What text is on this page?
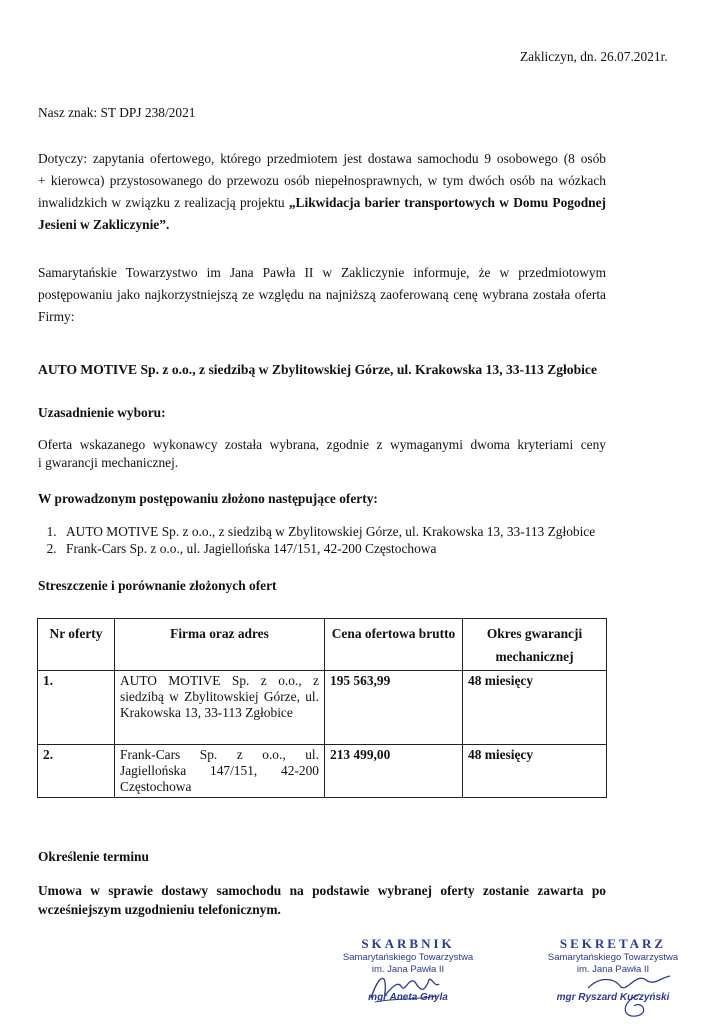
Zakliczyn, dn. 26.07.2021r.
Nasz znak: ST DPJ 238/2021
Dotyczy: zapytania ofertowego, którego przedmiotem jest dostawa samochodu 9 osobowego (8 osób
+ kierowca) przystosowanego do przewozu osób niepełnosprawnych, w tym dwóch osób na wózkach
inwalidzkich w związku z realizacją projektu „Likwidacja barier transportowych w Domu Pogodnej
Jesieni w Zakliczynie”.
Samarytańskie Towarzystwo im Jana Pawła II w Zakliczynie informuje, że w przedmiotowym
postępowaniu jako najkorzystniejszą ze względu na najniższą zaoferowaną cenę wybrana została oferta
Firmy:
AUTO MOTIVE Sp. z o.o., z siedzibą w Zbylitowskiej Górze, ul. Krakowska 13, 33-113 Zgłobice
Uzasadnienie wyboru:
Oferta wskazanego wykonawcy została wybrana, zgodnie z wymaganymi dwoma kryteriami ceny
i gwarancji mechanicznej.
W prowadzonym postępowaniu złożono następujące oferty:
1. AUTO MOTIVE Sp. z o.o., z siedzibą w Zbylitowskiej Górze, ul. Krakowska 13, 33-113 Zgłobice
2. Frank-Cars Sp. z o.o., ul. Jagiellońska 147/151, 42-200 Częstochowa
Streszczenie i porównanie złożonych ofert
Nr oferty	Firma oraz adres	Cena ofertowa brutto	Okres gwarancji mechanicznej
1.	AUTO MOTIVE Sp. z o.o., z siedzibą w Zbylitowskiej Górze, ul. Krakowska 13, 33-113 Zgłobice	195 563,99	48 miesięcy
2.	Frank-Cars Sp. z o.o., ul. Jagiellońska 147/151, 42-200 Częstochowa	213 499,00	48 miesięcy
Określenie terminu
Umowa w sprawie dostawy samochodu na podstawie wybranej oferty zostanie zawarta po
wcześniejszym uzgodnieniu telefonicznym.
SKARBNIK
Samarytańskiego Towarzystwa
im. Jana Pawła II
mgr Aneta Gnyla
SEKRETARZ
Samarytańskiego Towarzystwa
im. Jana Pawła II
mgr Ryszard Kuczyński
